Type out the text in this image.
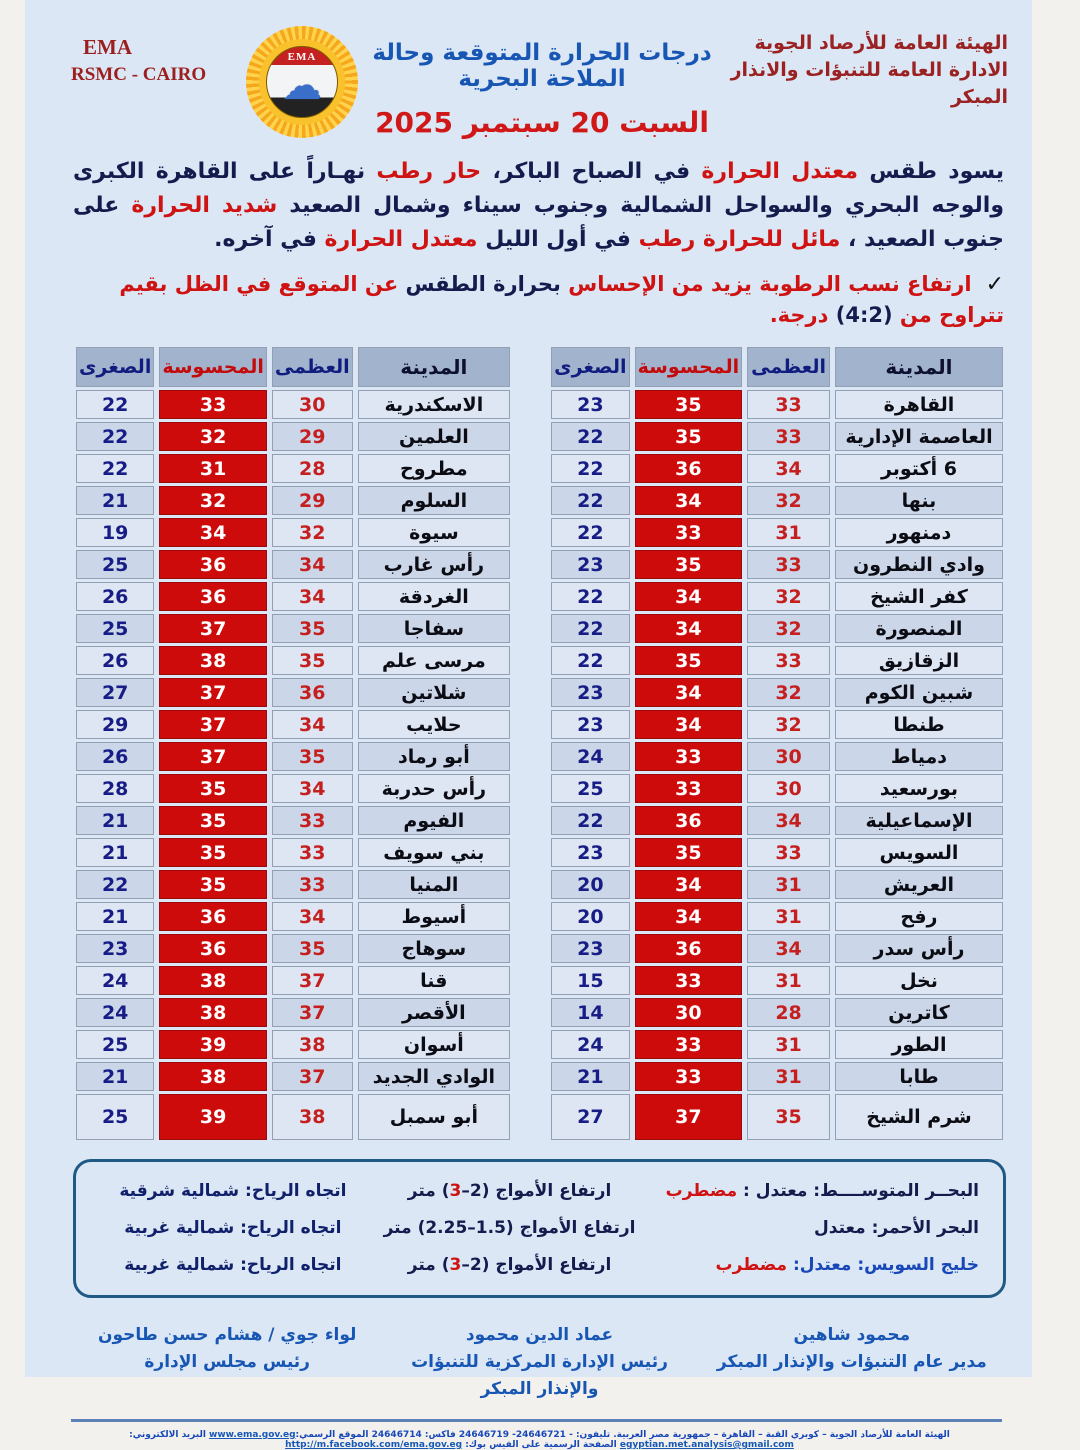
EMA
RSMC - CAIRO
EMA
☁
درجات الحرارة المتوقعة وحالة الملاحة البحرية
السبت 20 سبتمبر 2025
الهيئة العامة للأرصاد الجوية
الادارة العامة للتنبؤات والانذار المبكر
يسود طقس معتدل الحرارة في الصباح الباكر، حار رطب نهـاراً على القاهرة الكبرى والوجه البحري والسواحل الشمالية وجنوب سيناء وشمال الصعيد شديد الحرارة على جنوب الصعيد ، مائل للحرارة رطب في أول الليل معتدل الحرارة في آخره.
✓ارتفاع نسب الرطوبة يزيد من الإحساس بحرارة الطقس عن المتوقع في الظل بقيم تتراوح من (4:2) درجة.
المدينة	العظمى	المحسوسة	الصغرى
القاهرة	33	35	23
العاصمة الإدارية	33	35	22
6 أكتوبر	34	36	22
بنها	32	34	22
دمنهور	31	33	22
وادي النطرون	33	35	23
كفر الشيخ	32	34	22
المنصورة	32	34	22
الزقازيق	33	35	22
شبين الكوم	32	34	23
طنطا	32	34	23
دمياط	30	33	24
بورسعيد	30	33	25
الإسماعيلية	34	36	22
السويس	33	35	23
العريش	31	34	20
رفح	31	34	20
رأس سدر	34	36	23
نخل	31	33	15
كاترين	28	30	14
الطور	31	33	24
طابا	31	33	21
شرم الشيخ	35	37	27
المدينة	العظمى	المحسوسة	الصغرى
الاسكندرية	30	33	22
العلمين	29	32	22
مطروح	28	31	22
السلوم	29	32	21
سيوة	32	34	19
رأس غارب	34	36	25
الغردقة	34	36	26
سفاجا	35	37	25
مرسى علم	35	38	26
شلاتين	36	37	27
حلايب	34	37	29
أبو رماد	35	37	26
رأس حدربة	34	35	28
الفيوم	33	35	21
بني سويف	33	35	21
المنيا	33	35	22
أسيوط	34	36	21
سوهاج	35	36	23
قنا	37	38	24
الأقصر	37	38	24
أسوان	38	39	25
الوادي الجديد	37	38	21
أبو سمبل	38	39	25
البحــر المتوســــط: معتدل : مضطرب
ارتفاع الأمواج (3–2) متر
اتجاه الرياح: شمالية شرقية
البحر الأحمر: معتدل
ارتفاع الأمواج (2.25–1.5) متر
اتجاه الرياح: شمالية غربية
خليج السويس: معتدل: مضطرب
ارتفاع الأمواج (3–2) متر
اتجاه الرياح: شمالية غربية
محمود شاهين
مدير عام التنبؤات والإنذار المبكر
عماد الدين محمود
رئيس الإدارة المركزية للتنبؤات والإنذار المبكر
لواء جوي / هشام حسن طاحون
رئيس مجلس الإدارة
الهيئة العامة للأرصاد الجوية – كوبري القبة – القاهرة – جمهورية مصر العربية. تليفون: - 24646719 -24646721 فاكس: 24646714 الموقع الرسمي:www.ema.gov.eg البريد الالكتروني: egyptian.met.analysis@gmail.com الصفحة الرسمية على الفيس بوك: http://m.facebook.com/ema.gov.eg
